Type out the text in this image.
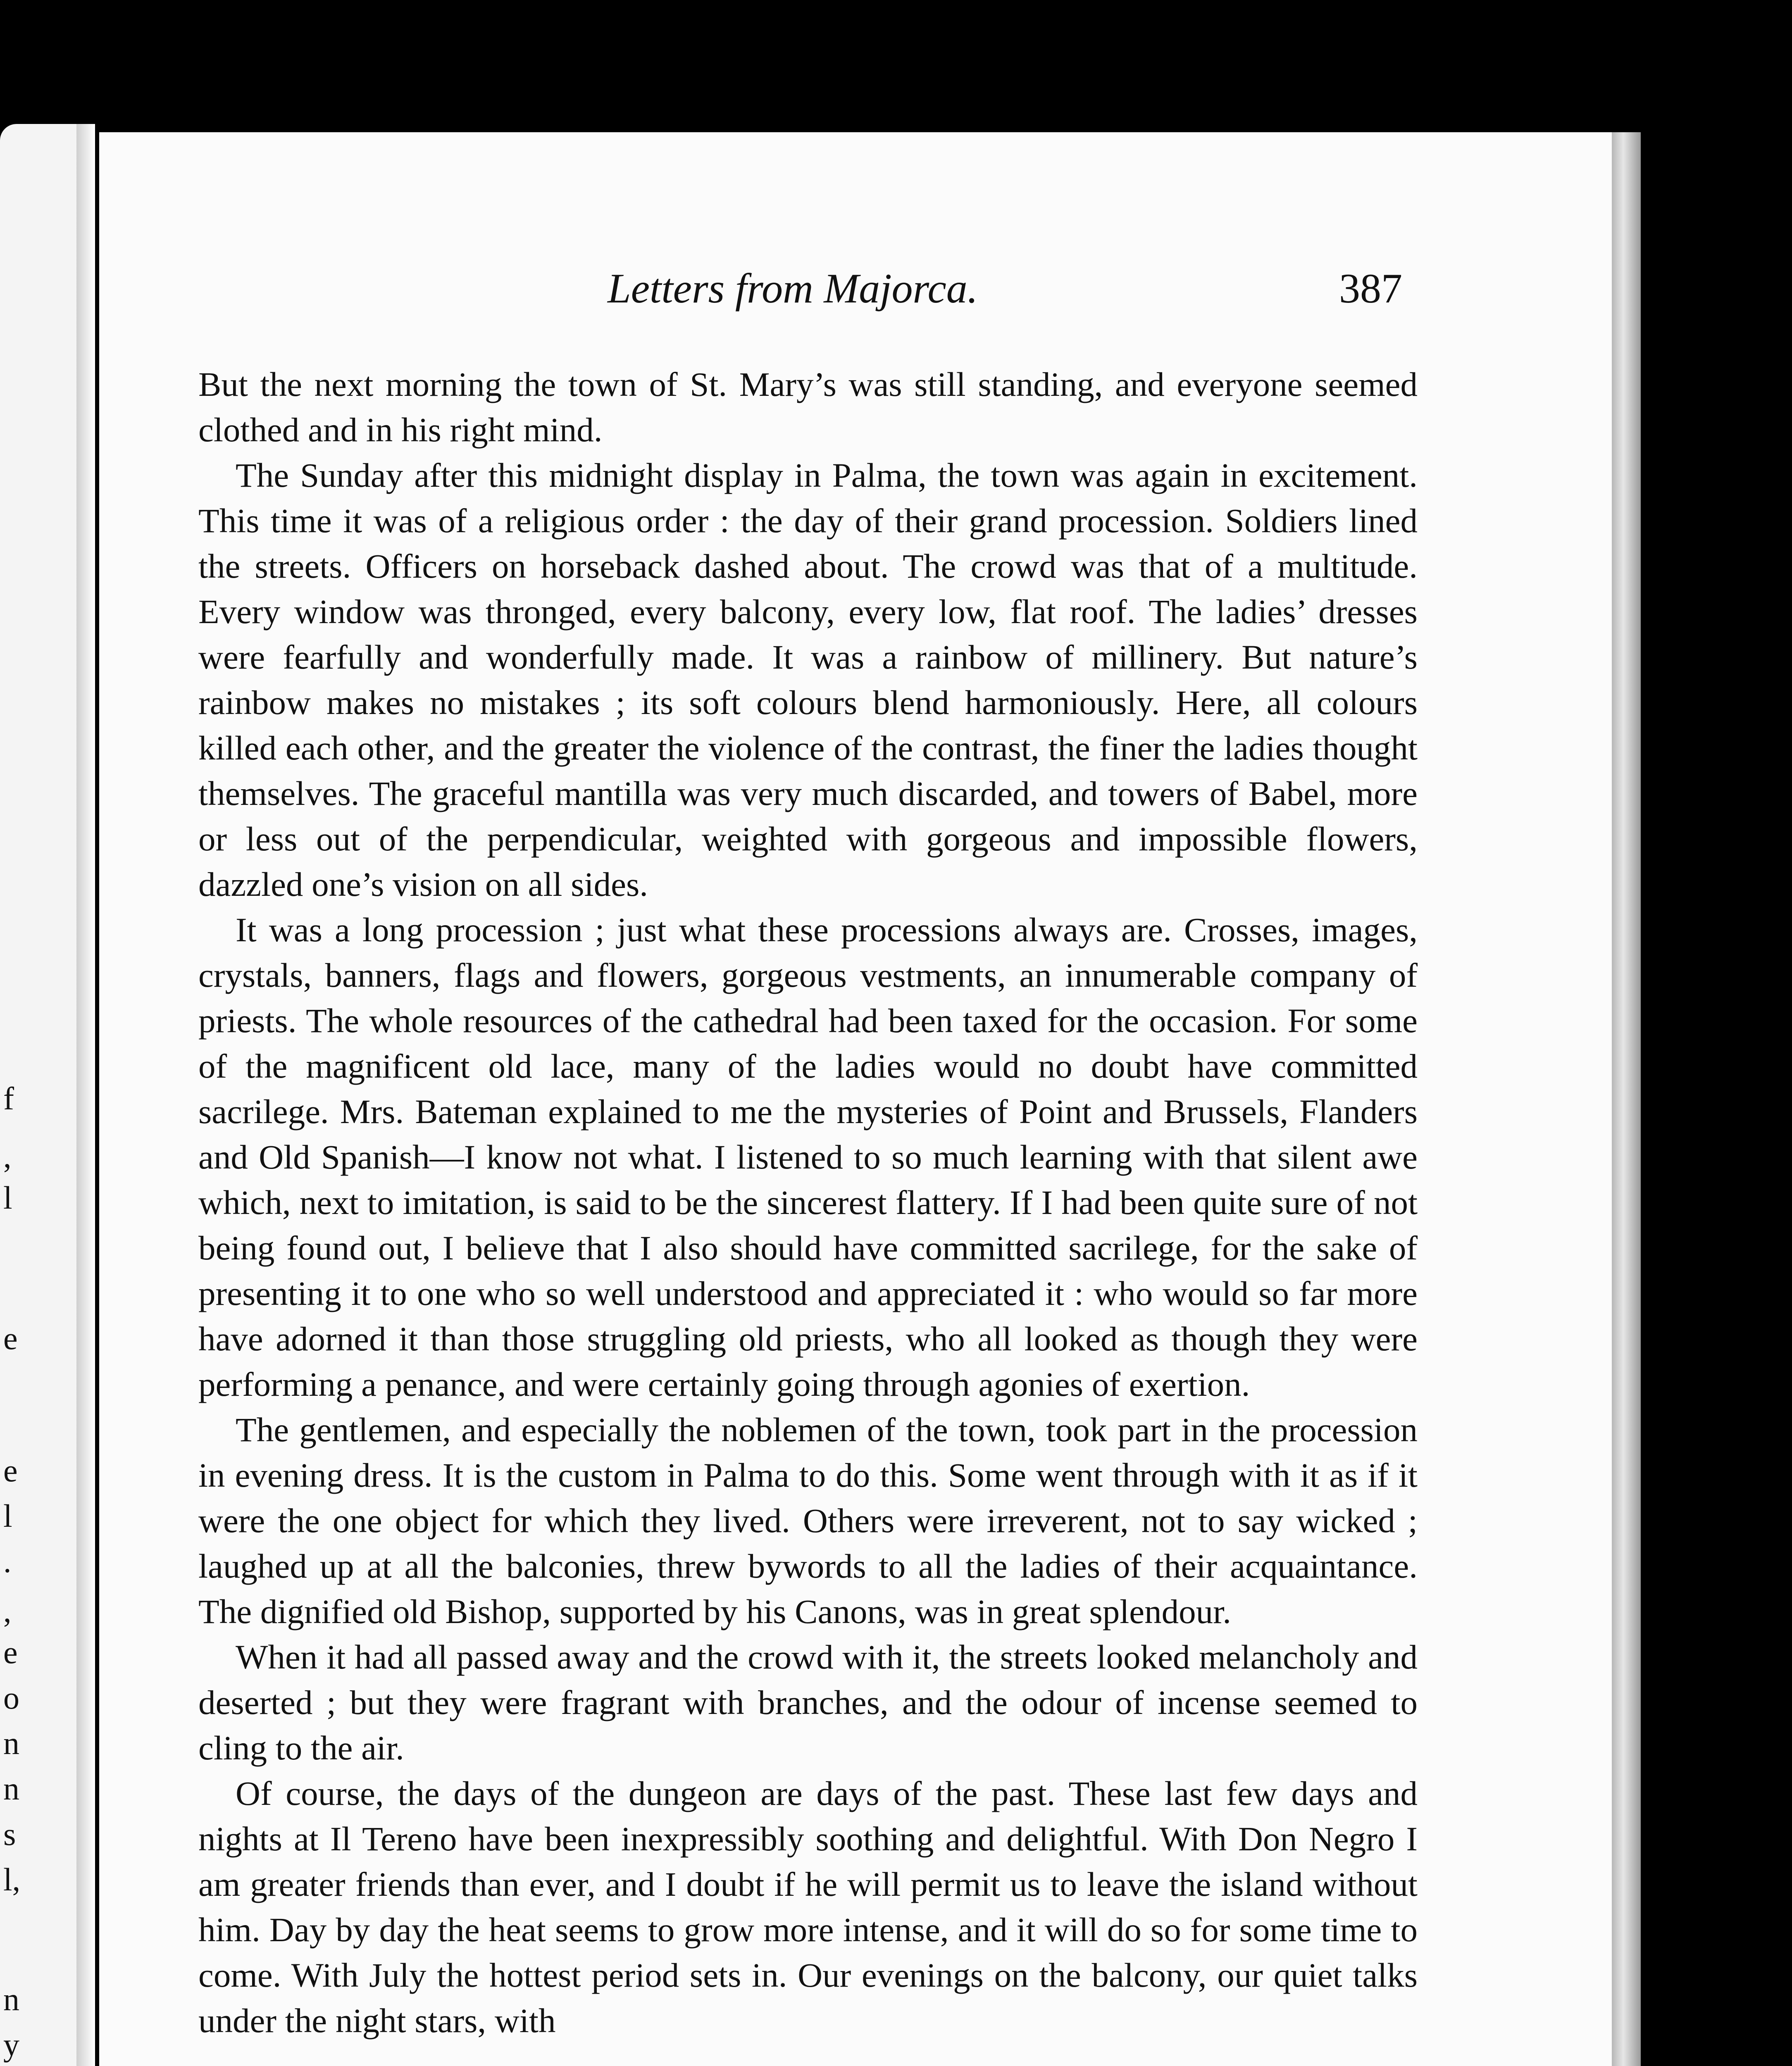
f
,
l
e
e
l
.
,
e
o
n
n
s
l,
n
y
Letters from Majorca.	387

But the next morning the town of St. Mary’s was still standing, and everyone seemed clothed and in his right mind.

The Sunday after this midnight display in Palma, the town was again in excitement. This time it was of a religious order : the day of their grand procession. Soldiers lined the streets. Officers on horseback dashed about. The crowd was that of a multitude. Every window was thronged, every balcony, every low, flat roof. The ladies’ dresses were fearfully and wonderfully made. It was a rainbow of millinery. But nature’s rainbow makes no mistakes ; its soft colours blend harmoniously. Here, all colours killed each other, and the greater the violence of the contrast, the finer the ladies thought themselves. The graceful mantilla was very much discarded, and towers of Babel, more or less out of the perpendicular, weighted with gorgeous and impossible flowers, dazzled one’s vision on all sides.

It was a long procession ; just what these processions always are. Crosses, images, crystals, banners, flags and flowers, gorgeous vestments, an innumerable company of priests. The whole resources of the cathedral had been taxed for the occasion. For some of the magnificent old lace, many of the ladies would no doubt have committed sacrilege. Mrs. Bateman explained to me the mysteries of Point and Brussels, Flanders and Old Spanish—I know not what. I listened to so much learning with that silent awe which, next to imitation, is said to be the sincerest flattery. If I had been quite sure of not being found out, I believe that I also should have committed sacrilege, for the sake of presenting it to one who so well understood and appreciated it : who would so far more have adorned it than those struggling old priests, who all looked as though they were performing a penance, and were certainly going through agonies of exertion.

The gentlemen, and especially the noblemen of the town, took part in the procession in evening dress. It is the custom in Palma to do this. Some went through with it as if it were the one object for which they lived. Others were irreverent, not to say wicked ; laughed up at all the balconies, threw bywords to all the ladies of their acquaintance. The dignified old Bishop, supported by his Canons, was in great splendour.

When it had all passed away and the crowd with it, the streets looked melancholy and deserted ; but they were fragrant with branches, and the odour of incense seemed to cling to the air.

Of course, the days of the dungeon are days of the past. These last few days and nights at Il Tereno have been inexpressibly soothing and delightful. With Don Negro I am greater friends than ever, and I doubt if he will permit us to leave the island without him. Day by day the heat seems to grow more intense, and it will do so for some time to come. With July the hottest period sets in. Our evenings on the balcony, our quiet talks under the night stars, with
